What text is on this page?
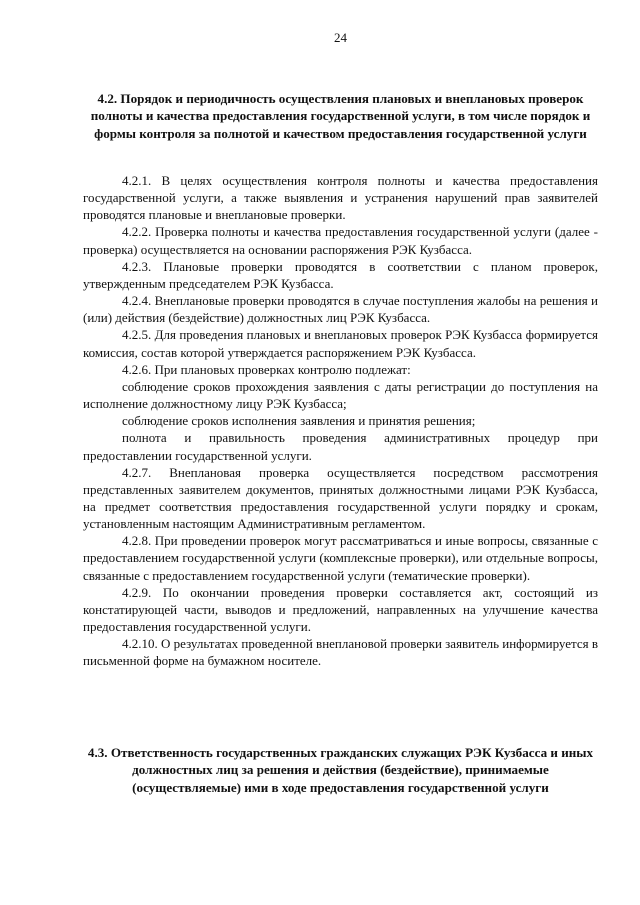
24
4.2. Порядок и периодичность осуществления плановых и внеплановых проверок полноты и качества предоставления государственной услуги, в том числе порядок и формы контроля за полнотой и качеством предоставления государственной услуги

4.2.1. В целях осуществления контроля полноты и качества предоставления государственной услуги, а также выявления и устранения нарушений прав заявителей проводятся плановые и внеплановые проверки.

4.2.2. Проверка полноты и качества предоставления государственной услуги (далее - проверка) осуществляется на основании распоряжения РЭК Кузбасса.

4.2.3. Плановые проверки проводятся в соответствии с планом проверок, утвержденным председателем РЭК Кузбасса.

4.2.4. Внеплановые проверки проводятся в случае поступления жалобы на решения и (или) действия (бездействие) должностных лиц РЭК Кузбасса.

4.2.5. Для проведения плановых и внеплановых проверок РЭК Кузбасса формируется комиссия, состав которой утверждается распоряжением РЭК Кузбасса.

4.2.6. При плановых проверках контролю подлежат:

соблюдение сроков прохождения заявления с даты регистрации до поступления на исполнение должностному лицу РЭК Кузбасса;

соблюдение сроков исполнения заявления и принятия решения;

полнота и правильность проведения административных процедур при предоставлении государственной услуги.

4.2.7. Внеплановая проверка осуществляется посредством рассмотрения представленных заявителем документов, принятых должностными лицами РЭК Кузбасса, на предмет соответствия предоставления государственной услуги порядку и срокам, установленным настоящим Административным регламентом.

4.2.8. При проведении проверок могут рассматриваться и иные вопросы, связанные с предоставлением государственной услуги (комплексные проверки), или отдельные вопросы, связанные с предоставлением государственной услуги (тематические проверки).

4.2.9. По окончании проведения проверки составляется акт, состоящий из констатирующей части, выводов и предложений, направленных на улучшение качества предоставления государственной услуги.

4.2.10. О результатах проведенной внеплановой проверки заявитель информируется в письменной форме на бумажном носителе.

4.3. Ответственность государственных гражданских служащих РЭК Кузбасса и иных должностных лиц за решения и действия (бездействие), принимаемые (осуществляемые) ими в ходе предоставления государственной услуги
